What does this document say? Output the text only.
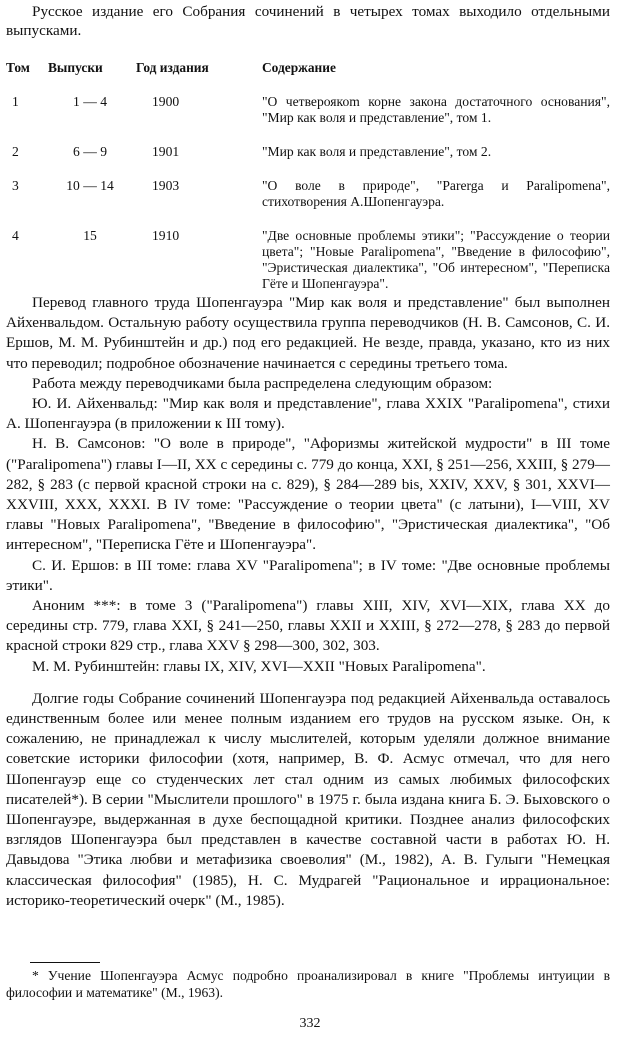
Русское издание его Собрания сочинений в четырех томах выходило отдельными выпусками.

Том	Выпуски	Год издания	Содержание
1	1 — 4	1900	"О четвероякоm корне закона достаточного основания", "Мир как воля и представление", том 1.
2	6 — 9	1901	"Мир как воля и представление", том 2.
3	10 — 14	1903	"О воле в природе", "Parerga и Paralipomena", стихотворения А.Шопенгауэра.
4	15	1910	"Две основные проблемы этики"; "Рассуждение о теории цвета"; "Новые Paralipomena", "Введение в философию", "Эристическая диалектика", "Об интересном", "Переписка Гёте и Шопенгауэра".

Перевод главного труда Шопенгауэра "Мир как воля и представление" был выполнен Айхенвальдом. Остальную работу осуществила группа переводчиков (Н. В. Самсонов, С. И. Ершов, М. М. Рубинштейн и др.) под его редакцией. Не везде, правда, указано, кто из них что переводил; подробное обозначение начинается с середины третьего тома.

Работа между переводчиками была распределена следующим образом:

Ю. И. Айхенвальд: "Мир как воля и представление", глава XXIX "Paralipomena", стихи А. Шопенгауэра (в приложении к III тому).

Н. В. Самсонов: "О воле в природе", "Афоризмы житейской мудрости" в III томе ("Paralipomena") главы I—II, XX с середины с. 779 до конца, XXI, § 251—256, XXIII, § 279—282, § 283 (с первой красной строки на с. 829), § 284—289 bis, XXIV, XXV, § 301, XXVI—XXVIII, XXX, XXXI. В IV томе: "Рассуждение о теории цвета" (с латыни), I—VIII, XV главы "Новых Paralipomena", "Введение в философию", "Эристическая диалектика", "Об интересном", "Переписка Гёте и Шопенгауэра".

С. И. Ершов: в III томе: глава XV "Paralipomena"; в IV томе: "Две основные проблемы этики".

Аноним ***: в томе 3 ("Paralipomena") главы XIII, XIV, XVI—XIX, глава XX до середины стр. 779, глава XXI, § 241—250, главы XXII и XXIII, § 272—278, § 283 до первой красной строки 829 стр., глава XXV § 298—300, 302, 303.

М. М. Рубинштейн: главы IX, XIV, XVI—XXII "Новых Paralipomena".

Долгие годы Собрание сочинений Шопенгауэра под редакцией Айхенвальда оставалось единственным более или менее полным изданием его трудов на русском языке. Он, к сожалению, не принадлежал к числу мыслителей, которым уделяли должное внимание советские историки философии (хотя, например, В. Ф. Асмус отмечал, что для него Шопенгауэр еще со студенческих лет стал одним из самых любимых философских писателей*). В серии "Мыслители прошлого" в 1975 г. была издана книга Б. Э. Быховского о Шопенгауэре, выдержанная в духе беспощадной критики. Позднее анализ философских взглядов Шопенгауэра был представлен в качестве составной части в работах Ю. Н. Давыдова "Этика любви и метафизика своеволия" (М., 1982), А. В. Гулыги "Немецкая классическая философия" (1985), Н. С. Мудрагей "Рациональное и иррациональное: историко-теоретический очерк" (М., 1985).

* Учение Шопенгауэра Асмус подробно проанализировал в книге "Проблемы интуиции в философии и математике" (М., 1963).

332
